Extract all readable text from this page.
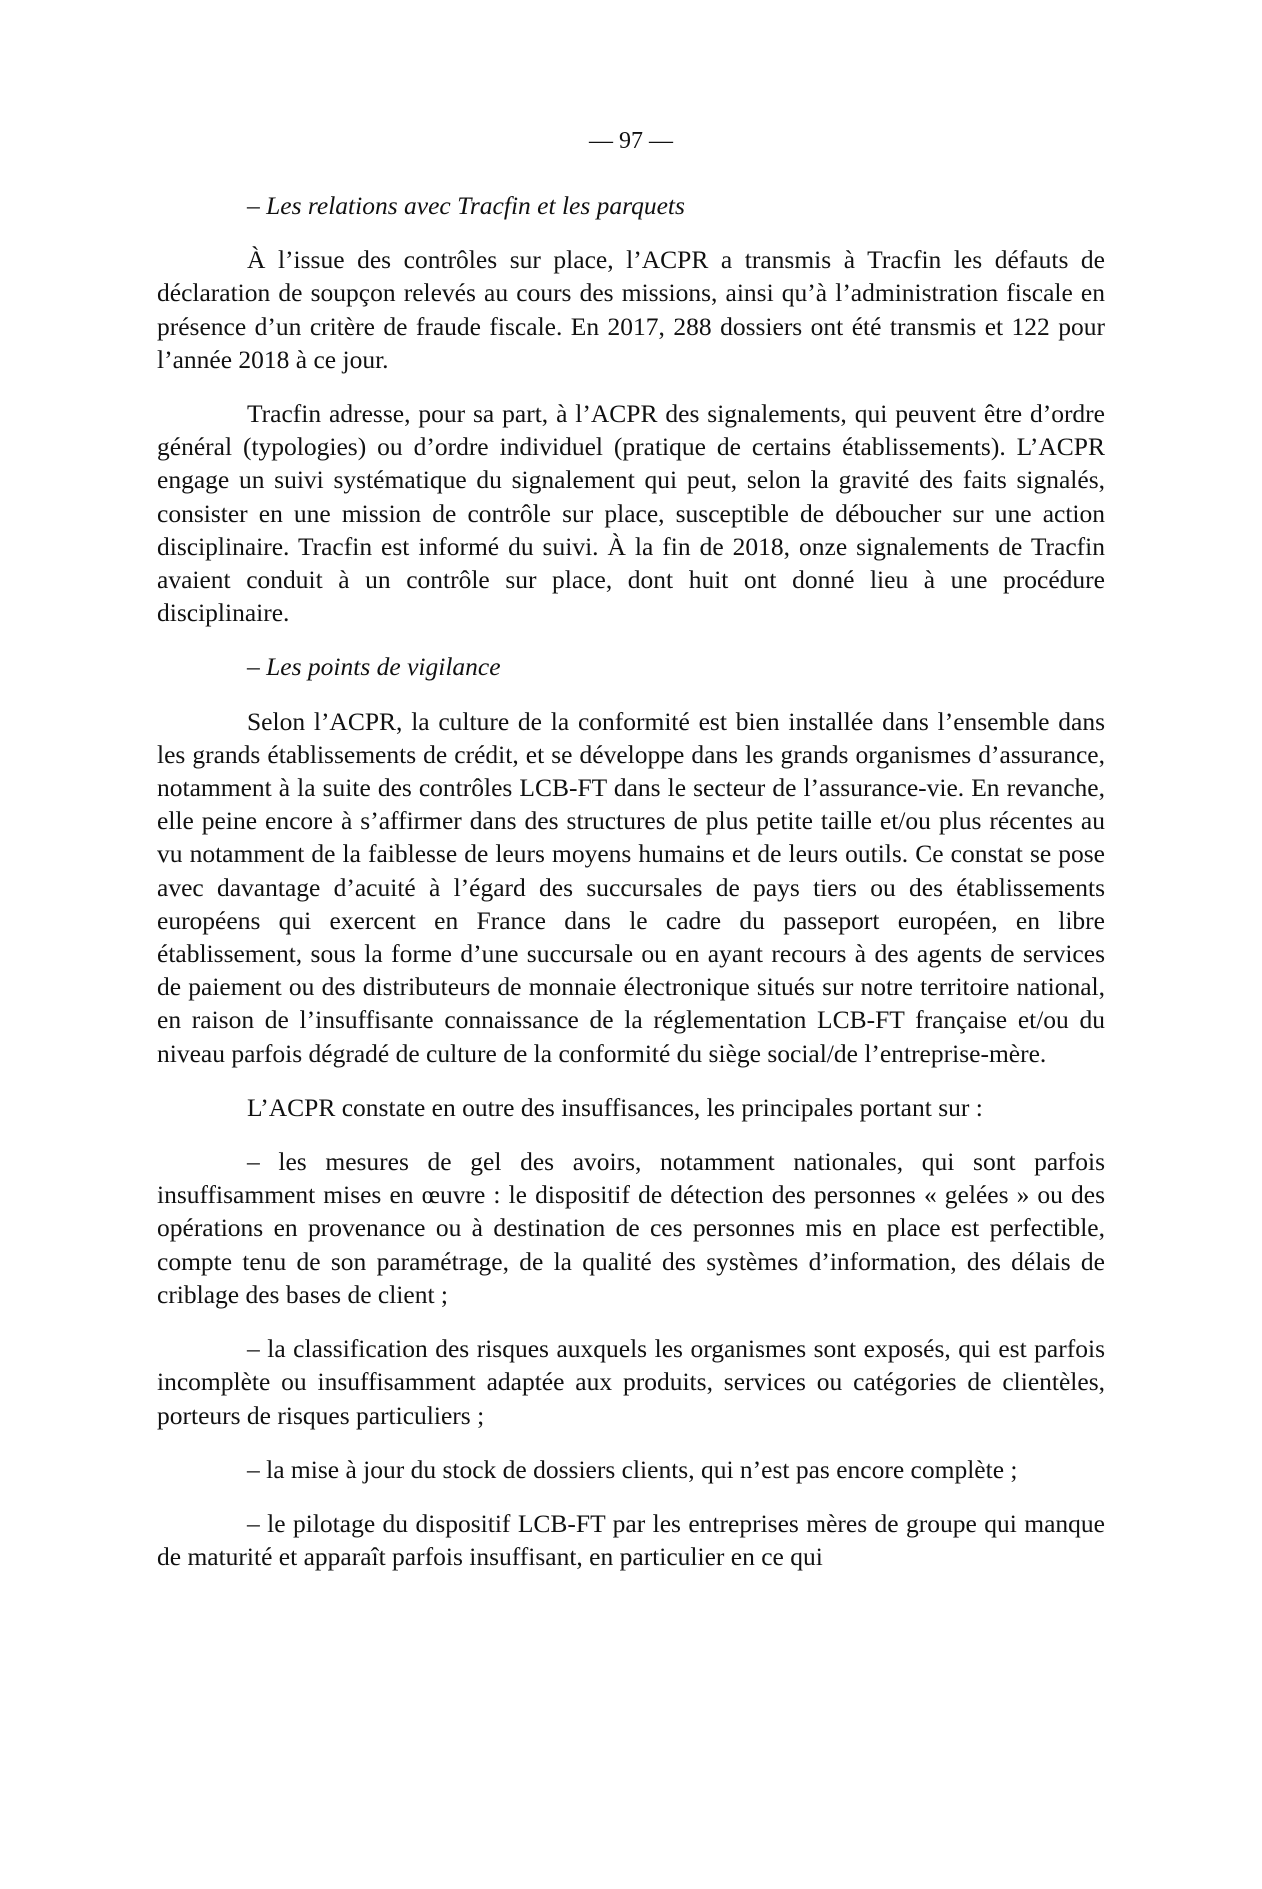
— 97 —
– Les relations avec Tracfin et les parquets

À l’issue des contrôles sur place, l’ACPR a transmis à Tracfin les défauts de déclaration de soupçon relevés au cours des missions, ainsi qu’à l’administration fiscale en présence d’un critère de fraude fiscale. En 2017, 288 dossiers ont été transmis et 122 pour l’année 2018 à ce jour.

Tracfin adresse, pour sa part, à l’ACPR des signalements, qui peuvent être d’ordre général (typologies) ou d’ordre individuel (pratique de certains établissements). L’ACPR engage un suivi systématique du signalement qui peut, selon la gravité des faits signalés, consister en une mission de contrôle sur place, susceptible de déboucher sur une action disciplinaire. Tracfin est informé du suivi. À la fin de 2018, onze signalements de Tracfin avaient conduit à un contrôle sur place, dont huit ont donné lieu à une procédure disciplinaire.

– Les points de vigilance

Selon l’ACPR, la culture de la conformité est bien installée dans l’ensemble dans les grands établissements de crédit, et se développe dans les grands organismes d’assurance, notamment à la suite des contrôles LCB-FT dans le secteur de l’assurance-vie. En revanche, elle peine encore à s’affirmer dans des structures de plus petite taille et/ou plus récentes au vu notamment de la faiblesse de leurs moyens humains et de leurs outils. Ce constat se pose avec davantage d’acuité à l’égard des succursales de pays tiers ou des établissements européens qui exercent en France dans le cadre du passeport européen, en libre établissement, sous la forme d’une succursale ou en ayant recours à des agents de services de paiement ou des distributeurs de monnaie électronique situés sur notre territoire national, en raison de l’insuffisante connaissance de la réglementation LCB-FT française et/ou du niveau parfois dégradé de culture de la conformité du siège social/de l’entreprise-mère.

L’ACPR constate en outre des insuffisances, les principales portant sur :

– les mesures de gel des avoirs, notamment nationales, qui sont parfois insuffisamment mises en œuvre : le dispositif de détection des personnes « gelées » ou des opérations en provenance ou à destination de ces personnes mis en place est perfectible, compte tenu de son paramétrage, de la qualité des systèmes d’information, des délais de criblage des bases de client ;

– la classification des risques auxquels les organismes sont exposés, qui est parfois incomplète ou insuffisamment adaptée aux produits, services ou catégories de clientèles, porteurs de risques particuliers ;

– la mise à jour du stock de dossiers clients, qui n’est pas encore complète ;

– le pilotage du dispositif LCB-FT par les entreprises mères de groupe qui manque de maturité et apparaît parfois insuffisant, en particulier en ce qui
